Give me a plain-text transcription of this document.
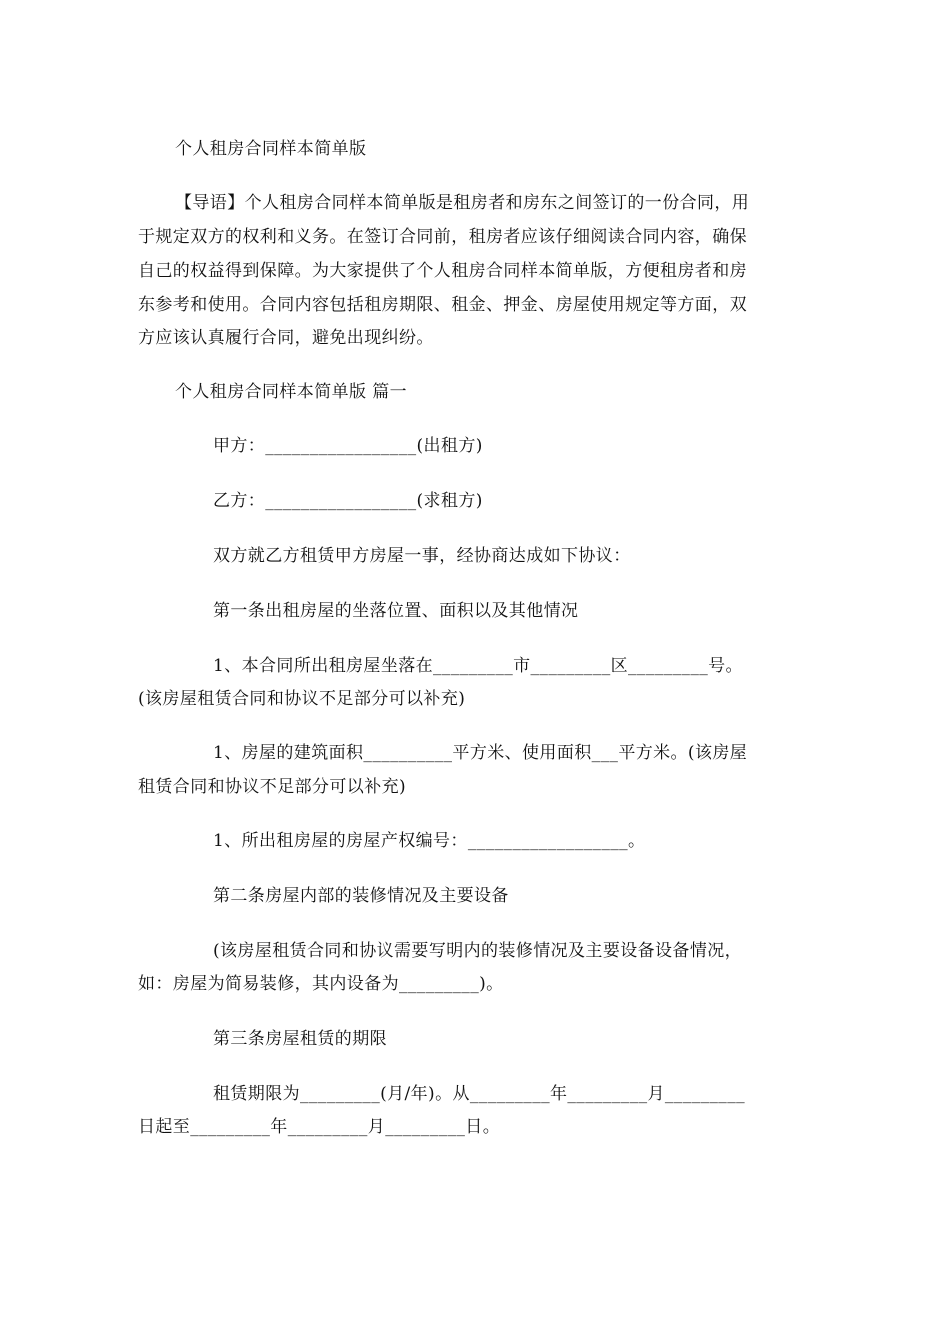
个人租房合同样本简单版
【导语】个人租房合同样本简单版是租房者和房东之间签订的一份合同，用
于规定双方的权利和义务。在签订合同前，租房者应该仔细阅读合同内容，确保
自己的权益得到保障。为大家提供了个人租房合同样本简单版，方便租房者和房
东参考和使用。合同内容包括租房期限、租金、押金、房屋使用规定等方面，双
方应该认真履行合同，避免出现纠纷。
个人租房合同样本简单版 篇一
甲方：_________________(出租方)
乙方：_________________(求租方)
双方就乙方租赁甲方房屋一事，经协商达成如下协议：
第一条出租房屋的坐落位置、面积以及其他情况
1、本合同所出租房屋坐落在_________市_________区_________号。
(该房屋租赁合同和协议不足部分可以补充)
1、房屋的建筑面积__________平方米、使用面积___平方米。(该房屋
租赁合同和协议不足部分可以补充)
1、所出租房屋的房屋产权编号：__________________。
第二条房屋内部的装修情况及主要设备
(该房屋租赁合同和协议需要写明内的装修情况及主要设备设备情况，
如：房屋为简易装修，其内设备为_________)。
第三条房屋租赁的期限
租赁期限为_________(月/年)。从_________年_________月_________
日起至_________年_________月_________日。
